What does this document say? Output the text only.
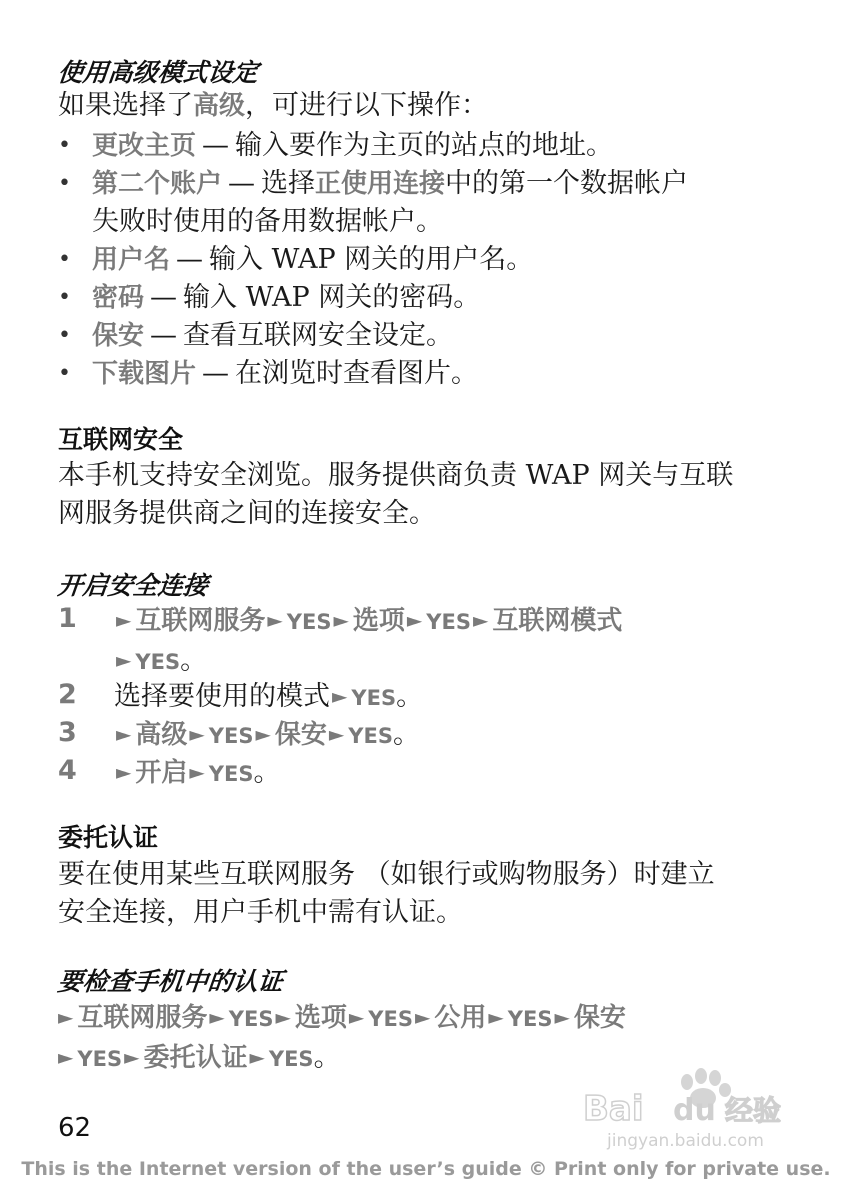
使用高级模式设定
如果选择了高级，可进行以下操作：
• 更改主页 — 输入要作为主页的站点的地址。
• 第二个账户 — 选择正使用连接中的第一个数据帐户
失败时使用的备用数据帐户。
• 用户名 — 输入 WAP 网关的用户名。
• 密码 — 输入 WAP 网关的密码。
• 保安 — 查看互联网安全设定。
• 下载图片 — 在浏览时查看图片。
互联网安全
本手机支持安全浏览。服务提供商负责 WAP 网关与互联
网服务提供商之间的连接安全。
开启安全连接
1 ► 互联网服务 ► YES ► 选项 ► YES ► 互联网模式
► YES。
2 选择要使用的模式 ► YES。
3 ► 高级 ► YES ► 保安 ► YES。
4 ► 开启 ► YES。
委托认证
要在使用某些互联网服务 （如银行或购物服务）时建立
安全连接，用户手机中需有认证。
要检查手机中的认证
► 互联网服务 ► YES ► 选项 ► YES ► 公用 ► YES ► 保安
► YES ► 委托认证 ► YES。
Bai du 经验
jingyan.baidu.com
62
This is the Internet version of the user’s guide © Print only for private use.
